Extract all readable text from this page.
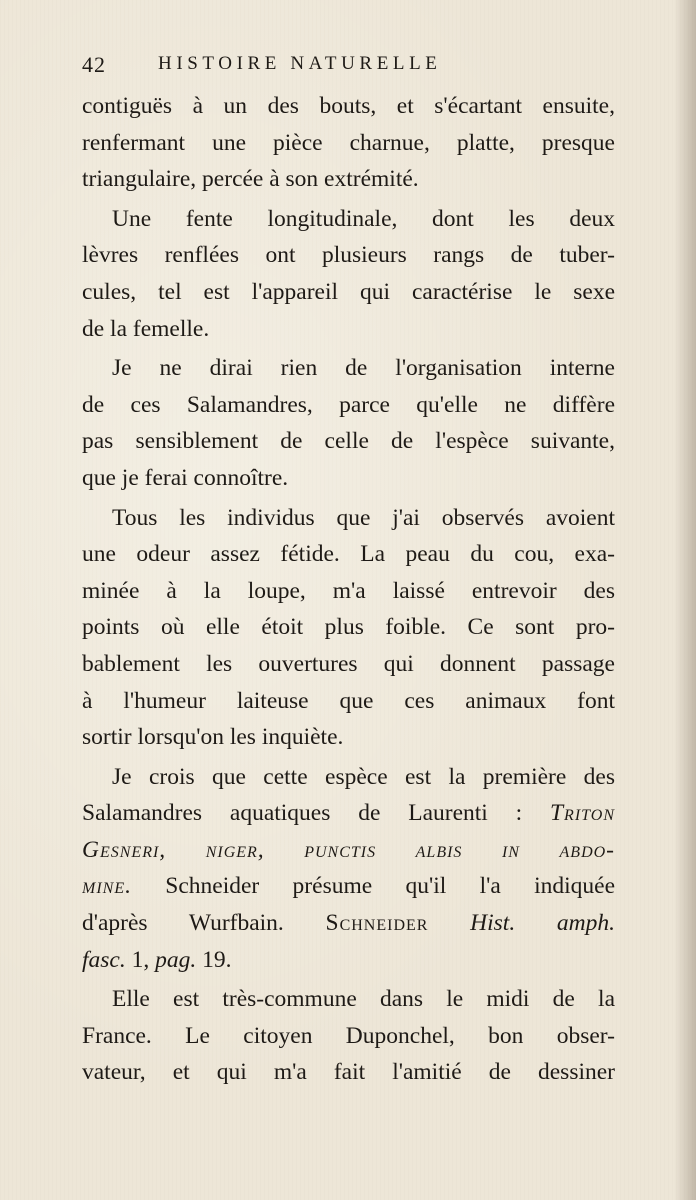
42	HISTOIRE NATURELLE
contiguës à un des bouts, et s'écartant ensuite,
renfermant une pièce charnue, platte, presque
triangulaire, percée à son extrémité.
Une fente longitudinale, dont les deux
lèvres renflées ont plusieurs rangs de tuber-
cules, tel est l'appareil qui caractérise le sexe
de la femelle.
Je ne dirai rien de l'organisation interne
de ces Salamandres, parce qu'elle ne diffère
pas sensiblement de celle de l'espèce suivante,
que je ferai connoître.
Tous les individus que j'ai observés avoient
une odeur assez fétide. La peau du cou, exa-
minée à la loupe, m'a laissé entrevoir des
points où elle étoit plus foible. Ce sont pro-
bablement les ouvertures qui donnent passage
à l'humeur laiteuse que ces animaux font
sortir lorsqu'on les inquiète.
Je crois que cette espèce est la première des
Salamandres aquatiques de Laurenti : Triton
Gesneri, niger, punctis albis in abdo-
mine. Schneider présume qu'il l'a indiquée
d'après Wurfbain. Schneider Hist. amph.
fasc. 1, pag. 19.
Elle est très-commune dans le midi de la
France. Le citoyen Duponchel, bon obser-
vateur, et qui m'a fait l'amitié de dessiner
